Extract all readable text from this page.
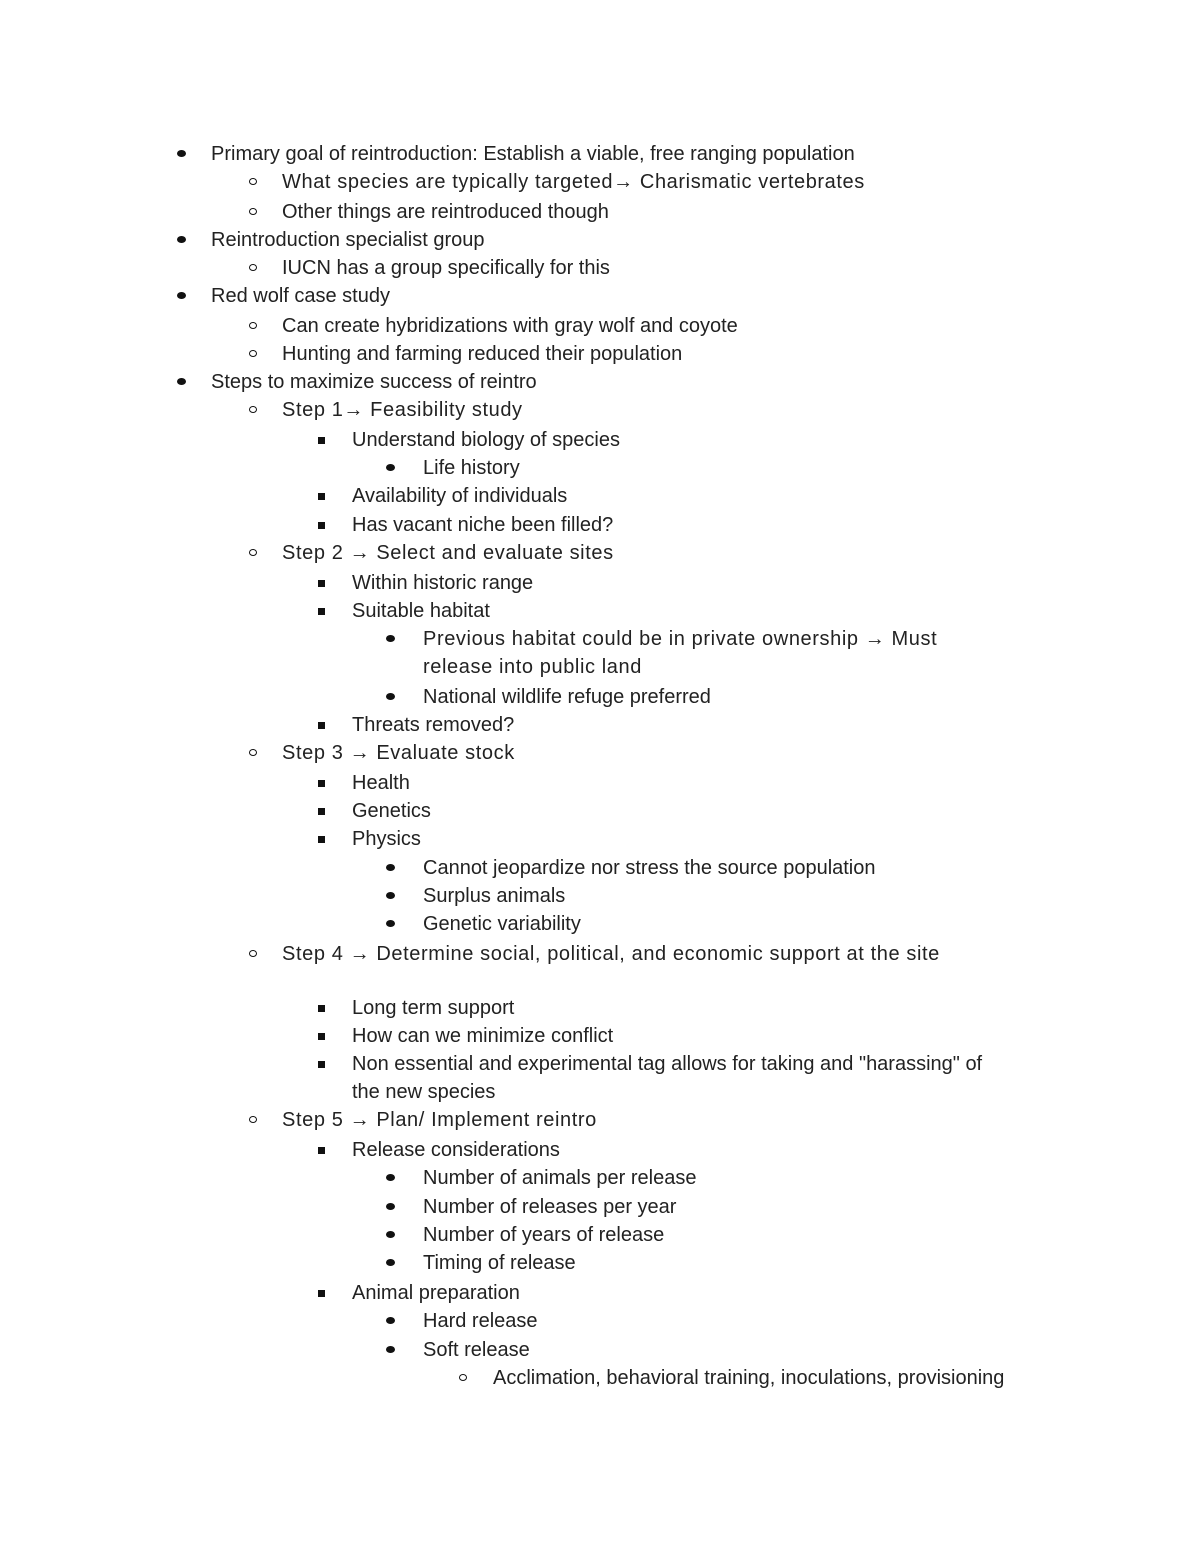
Primary goal of reintroduction: Establish a viable, free ranging population
What species are typically targeted→ Charismatic vertebrates
Other things are reintroduced though
Reintroduction specialist group
IUCN has a group specifically for this
Red wolf case study
Can create hybridizations with gray wolf and coyote
Hunting and farming reduced their population
Steps to maximize success of reintro
Step 1→ Feasibility study
Understand biology of species
Life history
Availability of individuals
Has vacant niche been filled?
Step 2 → Select and evaluate sites
Within historic range
Suitable habitat
Previous habitat could be in private ownership → Must
release into public land
National wildlife refuge preferred
Threats removed?
Step 3 → Evaluate stock
Health
Genetics
Physics
Cannot jeopardize nor stress the source population
Surplus animals
Genetic variability
Step 4 → Determine social, political, and economic support at the site
Long term support
How can we minimize conflict
Non essential and experimental tag allows for taking and "harassing" of
the new species
Step 5 → Plan/ Implement reintro
Release considerations
Number of animals per release
Number of releases per year
Number of years of release
Timing of release
Animal preparation
Hard release
Soft release
Acclimation, behavioral training, inoculations, provisioning
